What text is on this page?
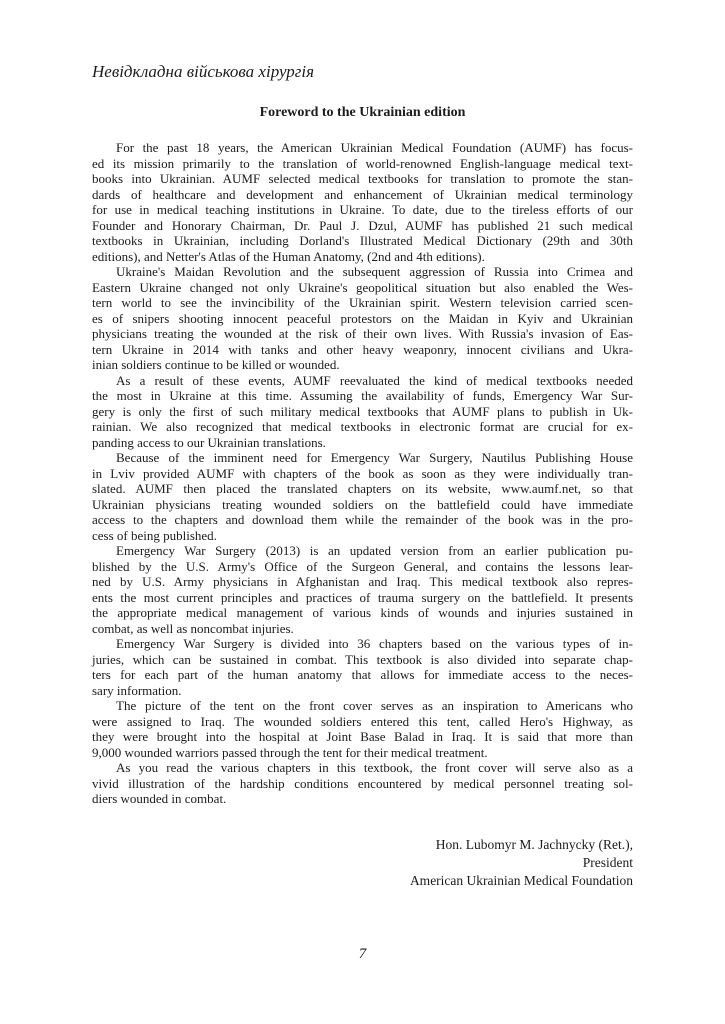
Невідкладна військова хірургія
Foreword to the Ukrainian edition

For the past 18 years, the American Ukrainian Medical Foundation (AUMF) has focus-
ed its mission primarily to the translation of world-renowned English-language medical text-
books into Ukrainian. AUMF selected medical textbooks for translation to promote the stan-
dards of healthcare and development and enhancement of Ukrainian medical terminology
for use in medical teaching institutions in Ukraine. To date, due to the tireless efforts of our
Founder and Honorary Chairman, Dr. Paul J. Dzul, AUMF has published 21 such medical
textbooks in Ukrainian, including Dorland's Illustrated Medical Dictionary (29th and 30th
editions), and Netter's Atlas of the Human Anatomy, (2nd and 4th editions).

Ukraine's Maidan Revolution and the subsequent aggression of Russia into Crimea and
Eastern Ukraine changed not only Ukraine's geopolitical situation but also enabled the Wes-
tern world to see the invincibility of the Ukrainian spirit. Western television carried scen-
es of snipers shooting innocent peaceful protestors on the Maidan in Kyiv and Ukrainian
physicians treating the wounded at the risk of their own lives. With Russia's invasion of Eas-
tern Ukraine in 2014 with tanks and other heavy weaponry, innocent civilians and Ukra-
inian soldiers continue to be killed or wounded.

As a result of these events, AUMF reevaluated the kind of medical textbooks needed
the most in Ukraine at this time. Assuming the availability of funds, Emergency War Sur-
gery is only the first of such military medical textbooks that AUMF plans to publish in Uk-
rainian. We also recognized that medical textbooks in electronic format are crucial for ex-
panding access to our Ukrainian translations.

Because of the imminent need for Emergency War Surgery, Nautilus Publishing House
in Lviv provided AUMF with chapters of the book as soon as they were individually tran-
slated. AUMF then placed the translated chapters on its website, www.aumf.net, so that
Ukrainian physicians treating wounded soldiers on the battlefield could have immediate
access to the chapters and download them while the remainder of the book was in the pro-
cess of being published.

Emergency War Surgery (2013) is an updated version from an earlier publication pu-
blished by the U.S. Army's Office of the Surgeon General, and contains the lessons lear-
ned by U.S. Army physicians in Afghanistan and Iraq. This medical textbook also repres-
ents the most current principles and practices of trauma surgery on the battlefield. It presents
the appropriate medical management of various kinds of wounds and injuries sustained in
combat, as well as noncombat injuries.

Emergency War Surgery is divided into 36 chapters based on the various types of in-
juries, which can be sustained in combat. This textbook is also divided into separate chap-
ters for each part of the human anatomy that allows for immediate access to the neces-
sary information.

The picture of the tent on the front cover serves as an inspiration to Americans who
were assigned to Iraq. The wounded soldiers entered this tent, called Hero's Highway, as
they were brought into the hospital at Joint Base Balad in Iraq. It is said that more than
9,000 wounded warriors passed through the tent for their medical treatment.

As you read the various chapters in this textbook, the front cover will serve also as a
vivid illustration of the hardship conditions encountered by medical personnel treating sol-
diers wounded in combat.

Hon. Lubomyr M. Jachnycky (Ret.),
President
American Ukrainian Medical Foundation
7
